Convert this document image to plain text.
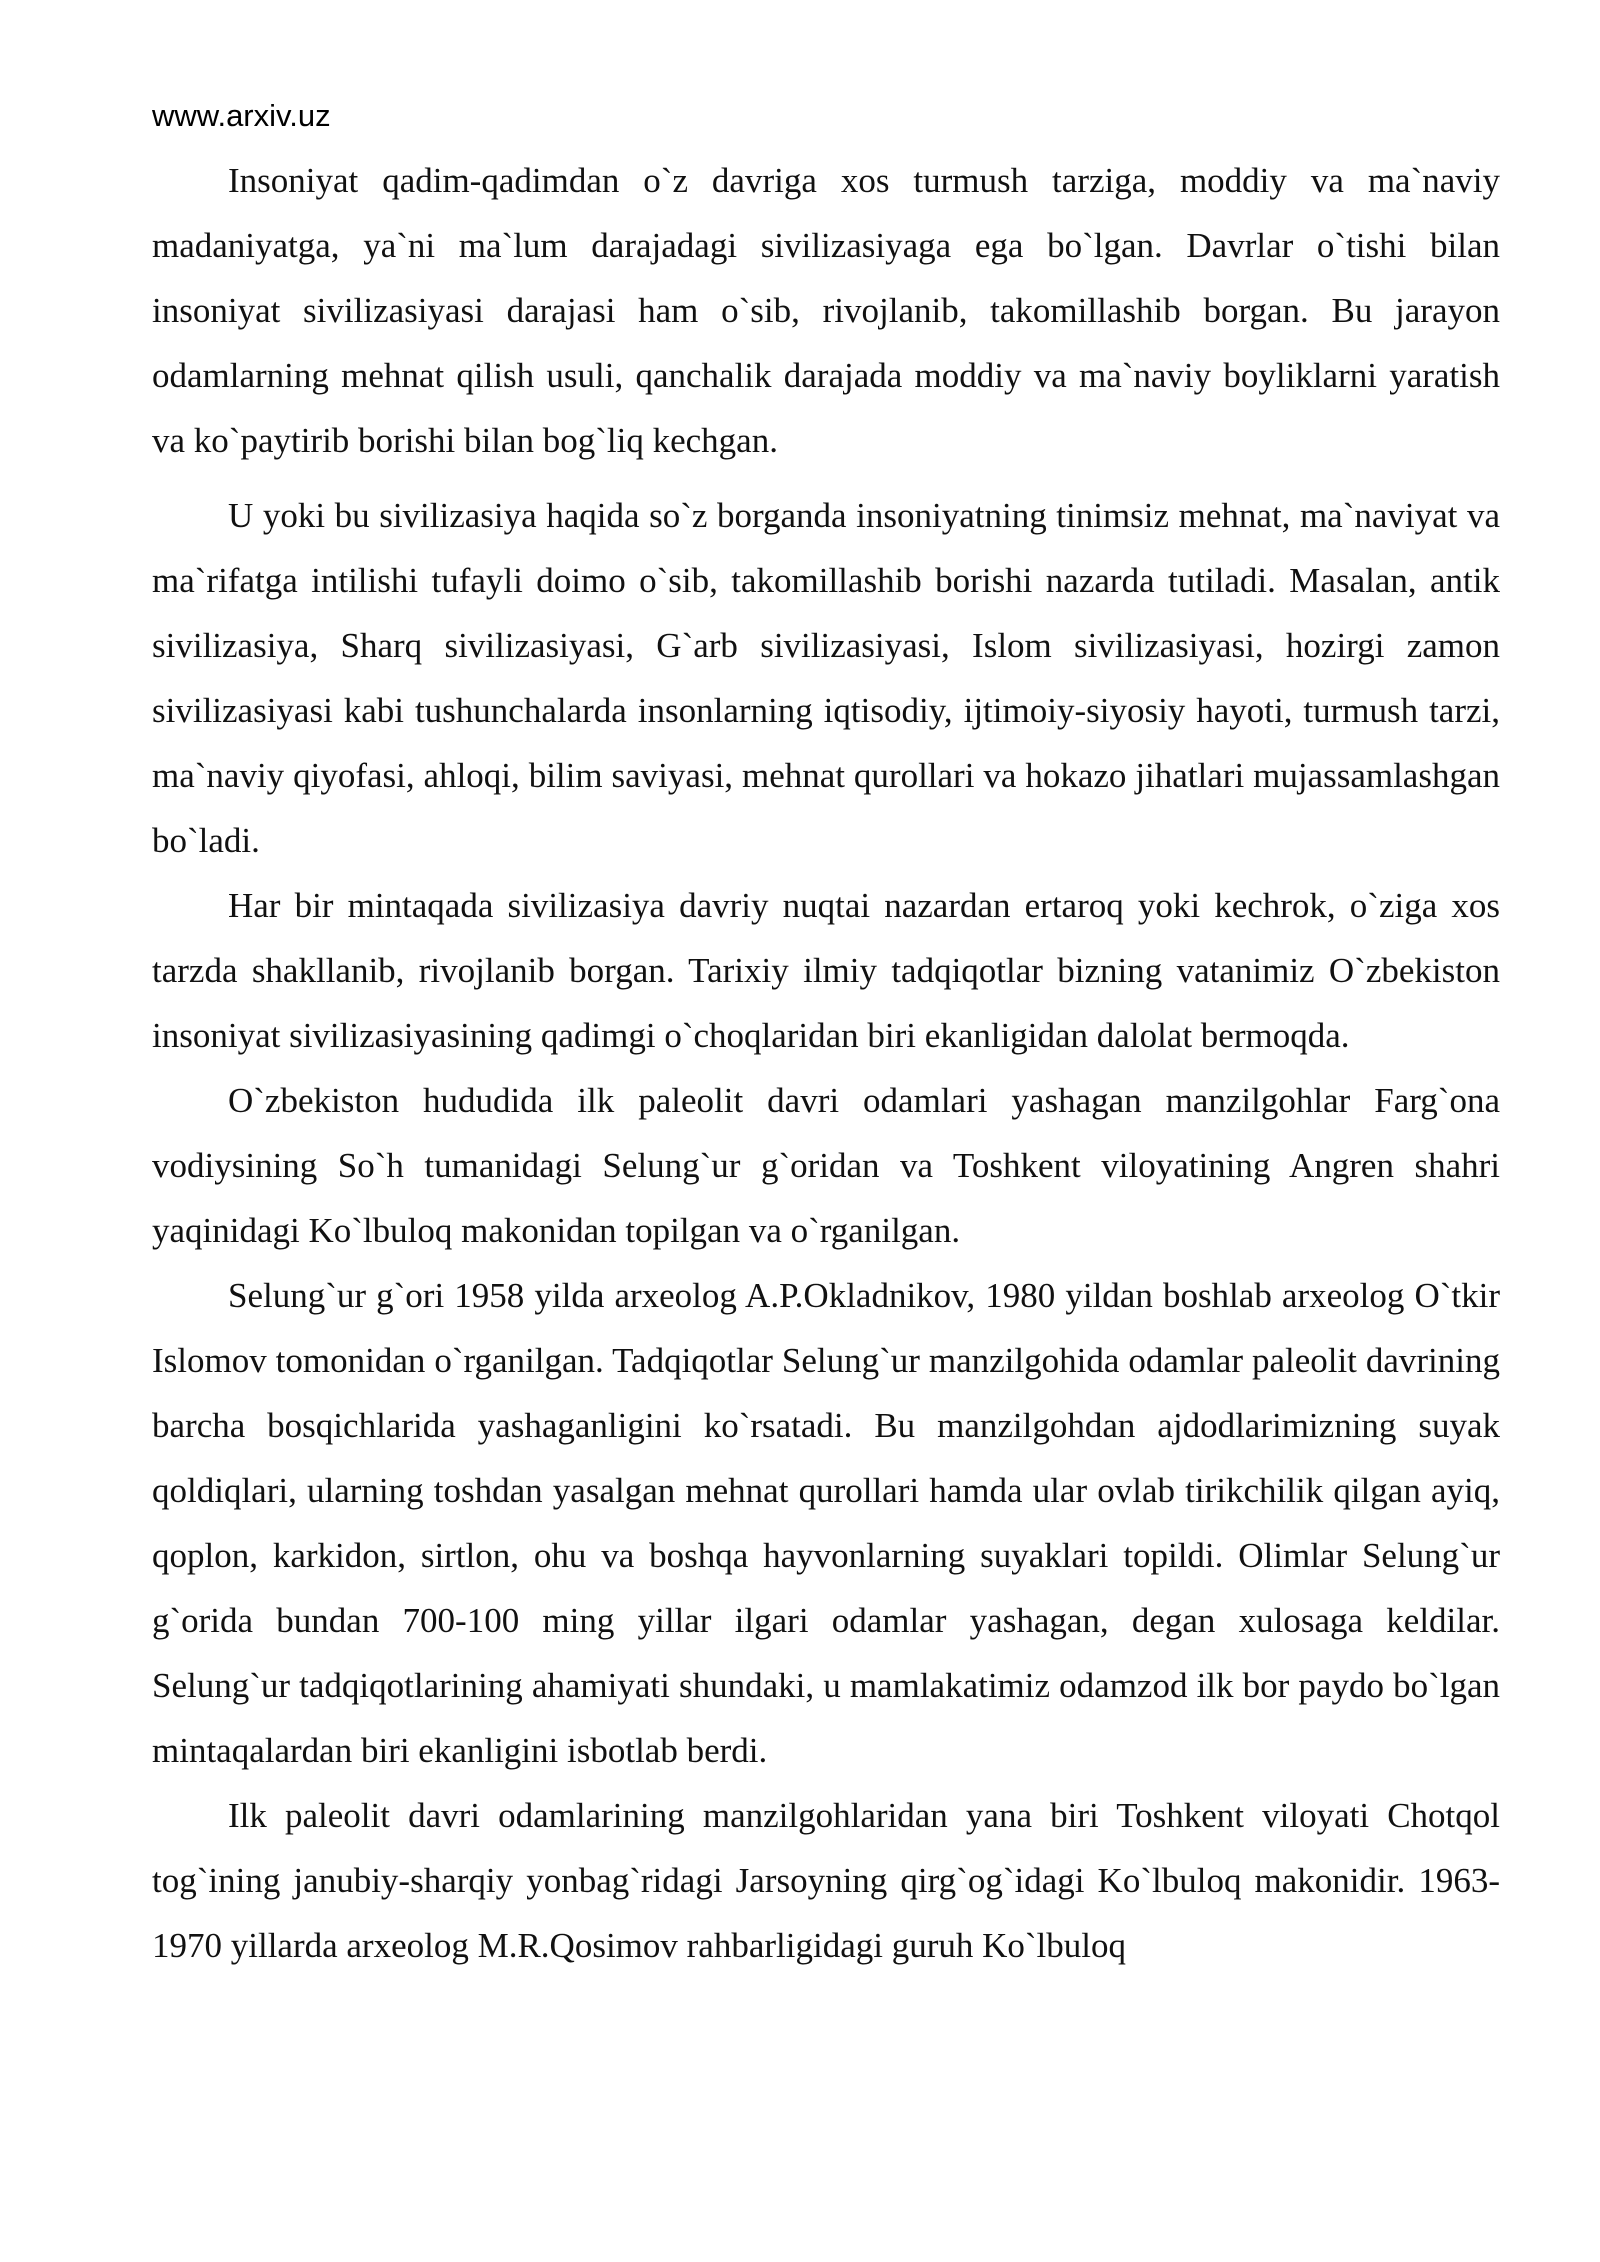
www.arxiv.uz

Insoniyat qadim-qadimdan o`z davriga xos turmush tarziga, moddiy va ma`naviy madaniyatga, ya`ni ma`lum darajadagi sivilizasiyaga ega bo`lgan. Davrlar o`tishi bilan insoniyat sivilizasiyasi darajasi ham o`sib, rivojlanib, takomillashib borgan. Bu jarayon odamlarning mehnat qilish usuli, qanchalik darajada moddiy va ma`naviy boyliklarni yaratish va ko`paytirib borishi bilan bog`liq kechgan.

U yoki bu sivilizasiya haqida so`z borganda insoniyatning tinimsiz mehnat, ma`naviyat va ma`rifatga intilishi tufayli doimo o`sib, takomillashib borishi nazarda tutiladi. Masalan, antik sivilizasiya, Sharq sivilizasiyasi, G`arb sivilizasiyasi, Islom sivilizasiyasi, hozirgi zamon sivilizasiyasi kabi tushunchalarda insonlarning iqtisodiy, ijtimoiy-siyosiy hayoti, turmush tarzi, ma`naviy qiyofasi, ahloqi, bilim saviyasi, mehnat qurollari va hokazo jihatlari mujassamlashgan bo`ladi.

Har bir mintaqada sivilizasiya davriy nuqtai nazardan ertaroq yoki kechrok, o`ziga xos tarzda shakllanib, rivojlanib borgan. Tarixiy ilmiy tadqiqotlar bizning vatanimiz O`zbekiston insoniyat sivilizasiyasining qadimgi o`choqlaridan biri ekanligidan dalolat bermoqda.

O`zbekiston hududida ilk paleolit davri odamlari yashagan manzilgohlar Farg`ona vodiysining So`h tumanidagi Selung`ur g`oridan va Toshkent viloyatining Angren shahri yaqinidagi Ko`lbuloq makonidan topilgan va o`rganilgan.

Selung`ur g`ori 1958 yilda arxeolog A.P.Okladnikov, 1980 yildan boshlab arxeolog O`tkir Islomov tomonidan o`rganilgan. Tadqiqotlar Selung`ur manzilgohida odamlar paleolit davrining barcha bosqichlarida yashaganligini ko`rsatadi. Bu manzilgohdan ajdodlarimizning suyak qoldiqlari, ularning toshdan yasalgan mehnat qurollari hamda ular ovlab tirikchilik qilgan ayiq, qoplon, karkidon, sirtlon, ohu va boshqa hayvonlarning suyaklari topildi. Olimlar Selung`ur g`orida bundan 700-100 ming yillar ilgari odamlar yashagan, degan xulosaga keldilar. Selung`ur tadqiqotlarining ahamiyati shundaki, u mamlakatimiz odamzod ilk bor paydo bo`lgan mintaqalardan biri ekanligini isbotlab berdi.

Ilk paleolit davri odamlarining manzilgohlaridan yana biri Toshkent viloyati Chotqol tog`ining janubiy-sharqiy yonbag`ridagi Jarsoyning qirg`og`idagi Ko`lbuloq makonidir. 1963-1970 yillarda arxeolog M.R.Qosimov rahbarligidagi guruh Ko`lbuloq
